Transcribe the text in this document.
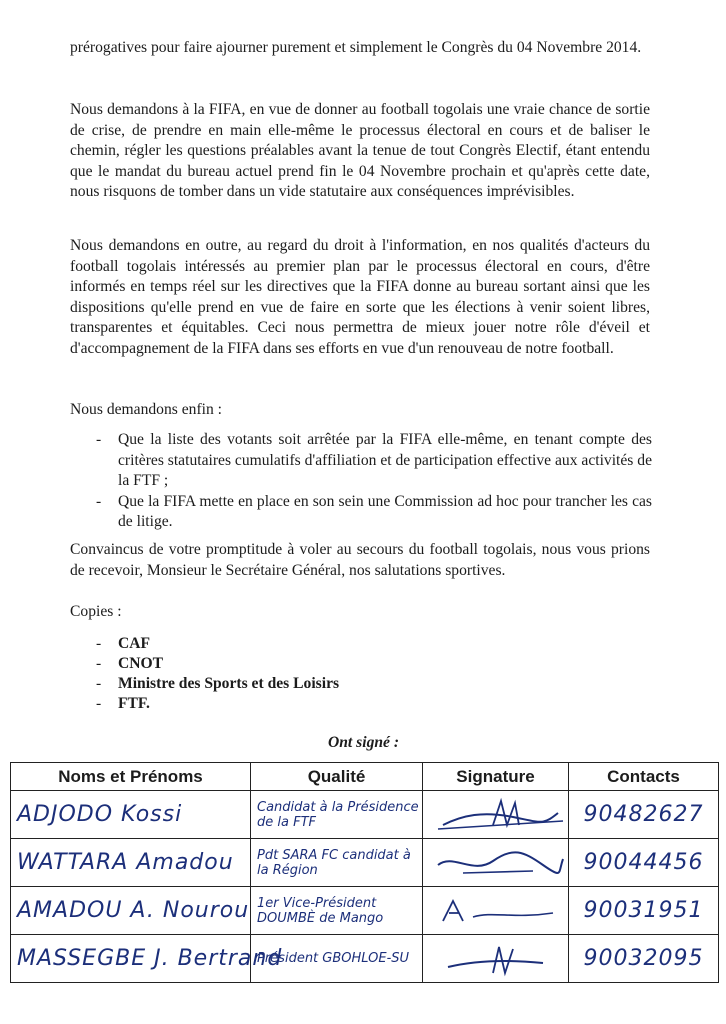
prérogatives pour faire ajourner purement et simplement le Congrès du 04 Novembre 2014.

Nous demandons à la FIFA, en vue de donner au football togolais une vraie chance de sortie de crise, de prendre en main elle-même le processus électoral en cours et de baliser le chemin, régler les questions préalables avant la tenue de tout Congrès Electif, étant entendu que le mandat du bureau actuel prend fin le 04 Novembre prochain et qu'après cette date, nous risquons de tomber dans un vide statutaire aux conséquences imprévisibles.

Nous demandons en outre, au regard du droit à l'information, en nos qualités d'acteurs du football togolais intéressés au premier plan par le processus électoral en cours, d'être informés en temps réel sur les directives que la FIFA donne au bureau sortant ainsi que les dispositions qu'elle prend en vue de faire en sorte que les élections à venir soient libres, transparentes et équitables. Ceci nous permettra de mieux jouer notre rôle d'éveil et d'accompagnement de la FIFA dans ses efforts en vue d'un renouveau de notre football.

Nous demandons enfin :

- Que la liste des votants soit arrêtée par la FIFA elle-même, en tenant compte des critères statutaires cumulatifs d'affiliation et de participation effective aux activités de la FTF ;
- Que la FIFA mette en place en son sein une Commission ad hoc pour trancher les cas de litige.

Convaincus de votre promptitude à voler au secours du football togolais, nous vous prions de recevoir, Monsieur le Secrétaire Général, nos salutations sportives.

Copies :

- CAF
- CNOT
- Ministre des Sports et des Loisirs
- FTF.
Ont signé :
Noms et Prénoms	Qualité	Signature	Contacts

ADJODO Kossi	Candidat à la Présidence de la FTF		90482627

WATTARA Amadou	Pdt SARA FC candidat à la Région		90044456

AMADOU A. Nourou	1er Vice-Président DOUMBÈ de Mango		90031951

MASSEGBE J. Bertrand	Président GBOHLOE-SU		90032095
